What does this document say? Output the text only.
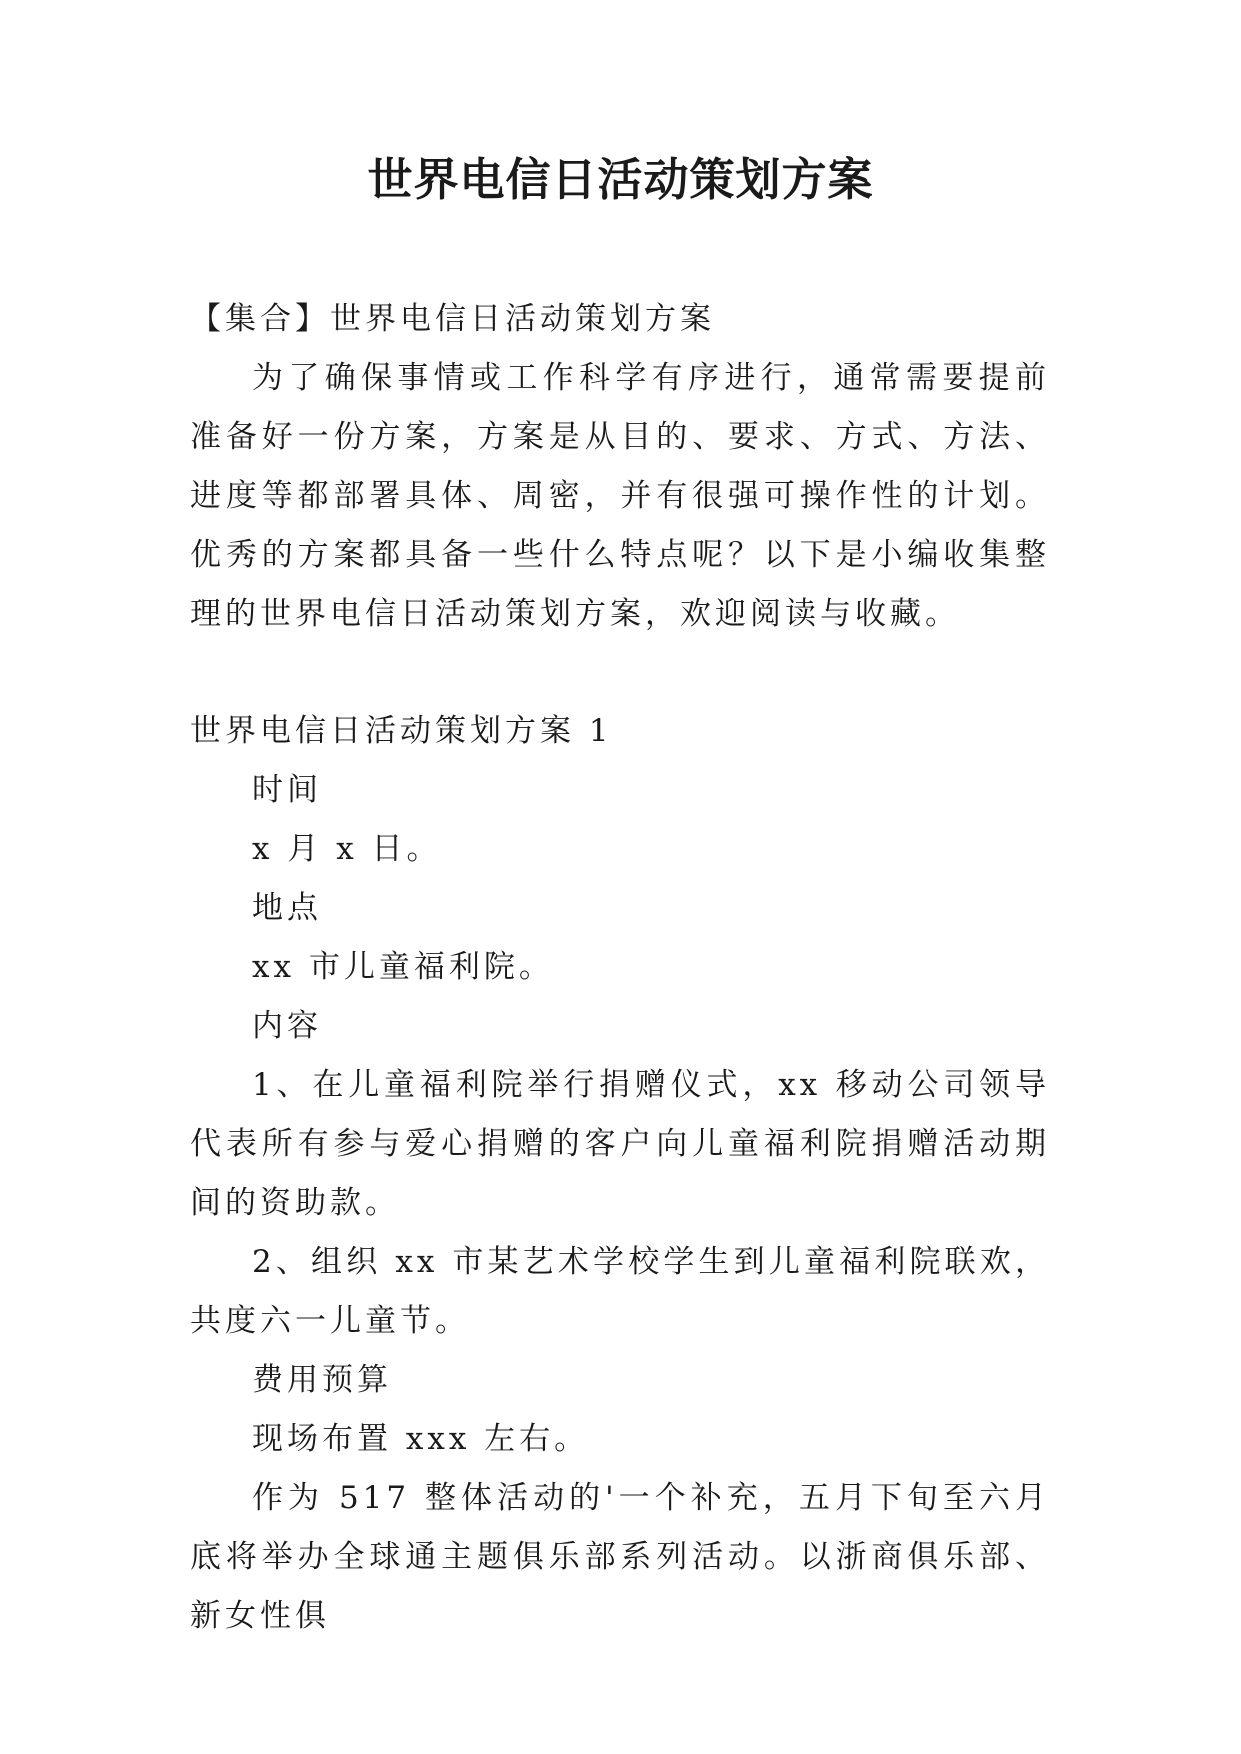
世界电信日活动策划方案

【集合】世界电信日活动策划方案

为了确保事情或工作科学有序进行，通常需要提前准备好一份方案，方案是从目的、要求、方式、方法、进度等都部署具体、周密，并有很强可操作性的计划。优秀的方案都具备一些什么特点呢？以下是小编收集整理的世界电信日活动策划方案，欢迎阅读与收藏。

世界电信日活动策划方案 1

时间

x 月 x 日。

地点

xx 市儿童福利院。

内容

1、在儿童福利院举行捐赠仪式，xx 移动公司领导代表所有参与爱心捐赠的客户向儿童福利院捐赠活动期间的资助款。

2、组织 xx 市某艺术学校学生到儿童福利院联欢，共度六一儿童节。

费用预算

现场布置 xxx 左右。

作为 517 整体活动的'一个补充，五月下旬至六月底将举办全球通主题俱乐部系列活动。以浙商俱乐部、新女性俱
